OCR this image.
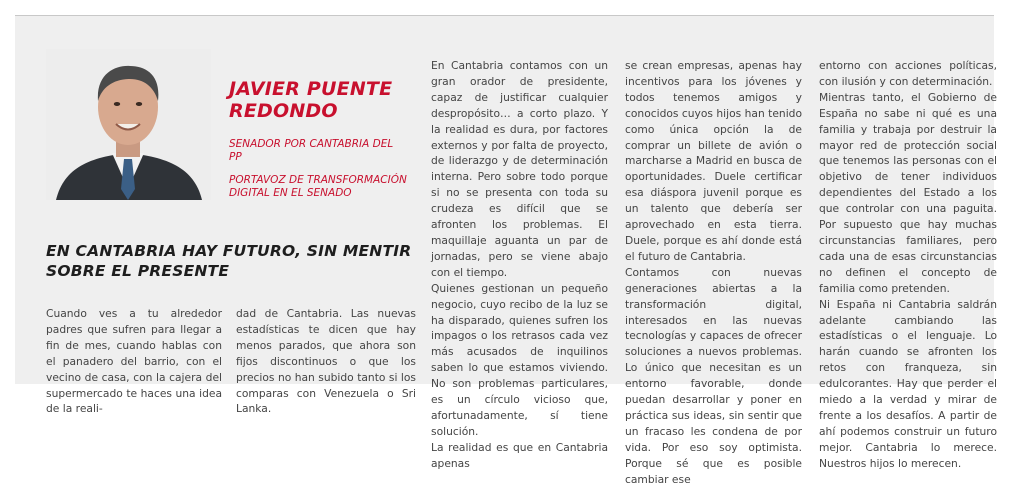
JAVIER PUENTE REDONDO
SENADOR POR CANTABRIA DEL PP
PORTAVOZ DE TRANSFORMACIÓN DIGITAL EN EL SENADO
EN CANTABRIA HAY FUTURO, SIN MENTIR SOBRE EL PRESENTE

Cuando ves a tu alrededor padres que sufren para llegar a fin de mes, cuando hablas con el panadero del barrio, con el vecino de casa, con la cajera del supermercado te haces una idea de la reali-

dad de Cantabria. Las nuevas estadísticas te dicen que hay menos parados, que ahora son fijos discontinuos o que los precios no han subido tanto si los comparas con Venezuela o Sri Lanka.

En Cantabria contamos con un gran orador de presidente, capaz de justificar cualquier despropósito… a corto plazo. Y la realidad es dura, por factores externos y por falta de proyecto, de liderazgo y de determinación interna. Pero sobre todo porque si no se presenta con toda su crudeza es difícil que se afronten los problemas. El maquillaje aguanta un par de jornadas, pero se viene abajo con el tiempo.

Quienes gestionan un pequeño negocio, cuyo recibo de la luz se ha disparado, quienes sufren los impagos o los retrasos cada vez más acusados de inquilinos saben lo que estamos viviendo. No son problemas particulares, es un círculo vicioso que, afortunadamente, sí tiene solución.

La realidad es que en Cantabria apenas

se crean empresas, apenas hay incentivos para los jóvenes y todos tenemos amigos y conocidos cuyos hijos han tenido como única opción la de comprar un billete de avión o marcharse a Madrid en busca de oportunidades. Duele certificar esa diáspora juvenil porque es un talento que debería ser aprovechado en esta tierra. Duele, porque es ahí donde está el futuro de Cantabria.

Contamos con nuevas generaciones abiertas a la transformación digital, interesados en las nuevas tecnologías y capaces de ofrecer soluciones a nuevos problemas. Lo único que necesitan es un entorno favorable, donde puedan desarrollar y poner en práctica sus ideas, sin sentir que un fracaso les condena de por vida. Por eso soy optimista. Porque sé que es posible cambiar ese

entorno con acciones políticas, con ilusión y con determinación.

Mientras tanto, el Gobierno de España no sabe ni qué es una familia y trabaja por destruir la mayor red de protección social que tenemos las personas con el objetivo de tener individuos dependientes del Estado a los que controlar con una paguita. Por supuesto que hay muchas circunstancias familiares, pero cada una de esas circunstancias no definen el concepto de familia como pretenden.

Ni España ni Cantabria saldrán adelante cambiando las estadísticas o el lenguaje. Lo harán cuando se afronten los retos con franqueza, sin edulcorantes. Hay que perder el miedo a la verdad y mirar de frente a los desafíos. A partir de ahí podemos construir un futuro mejor. Cantabria lo merece. Nuestros hijos lo merecen.
